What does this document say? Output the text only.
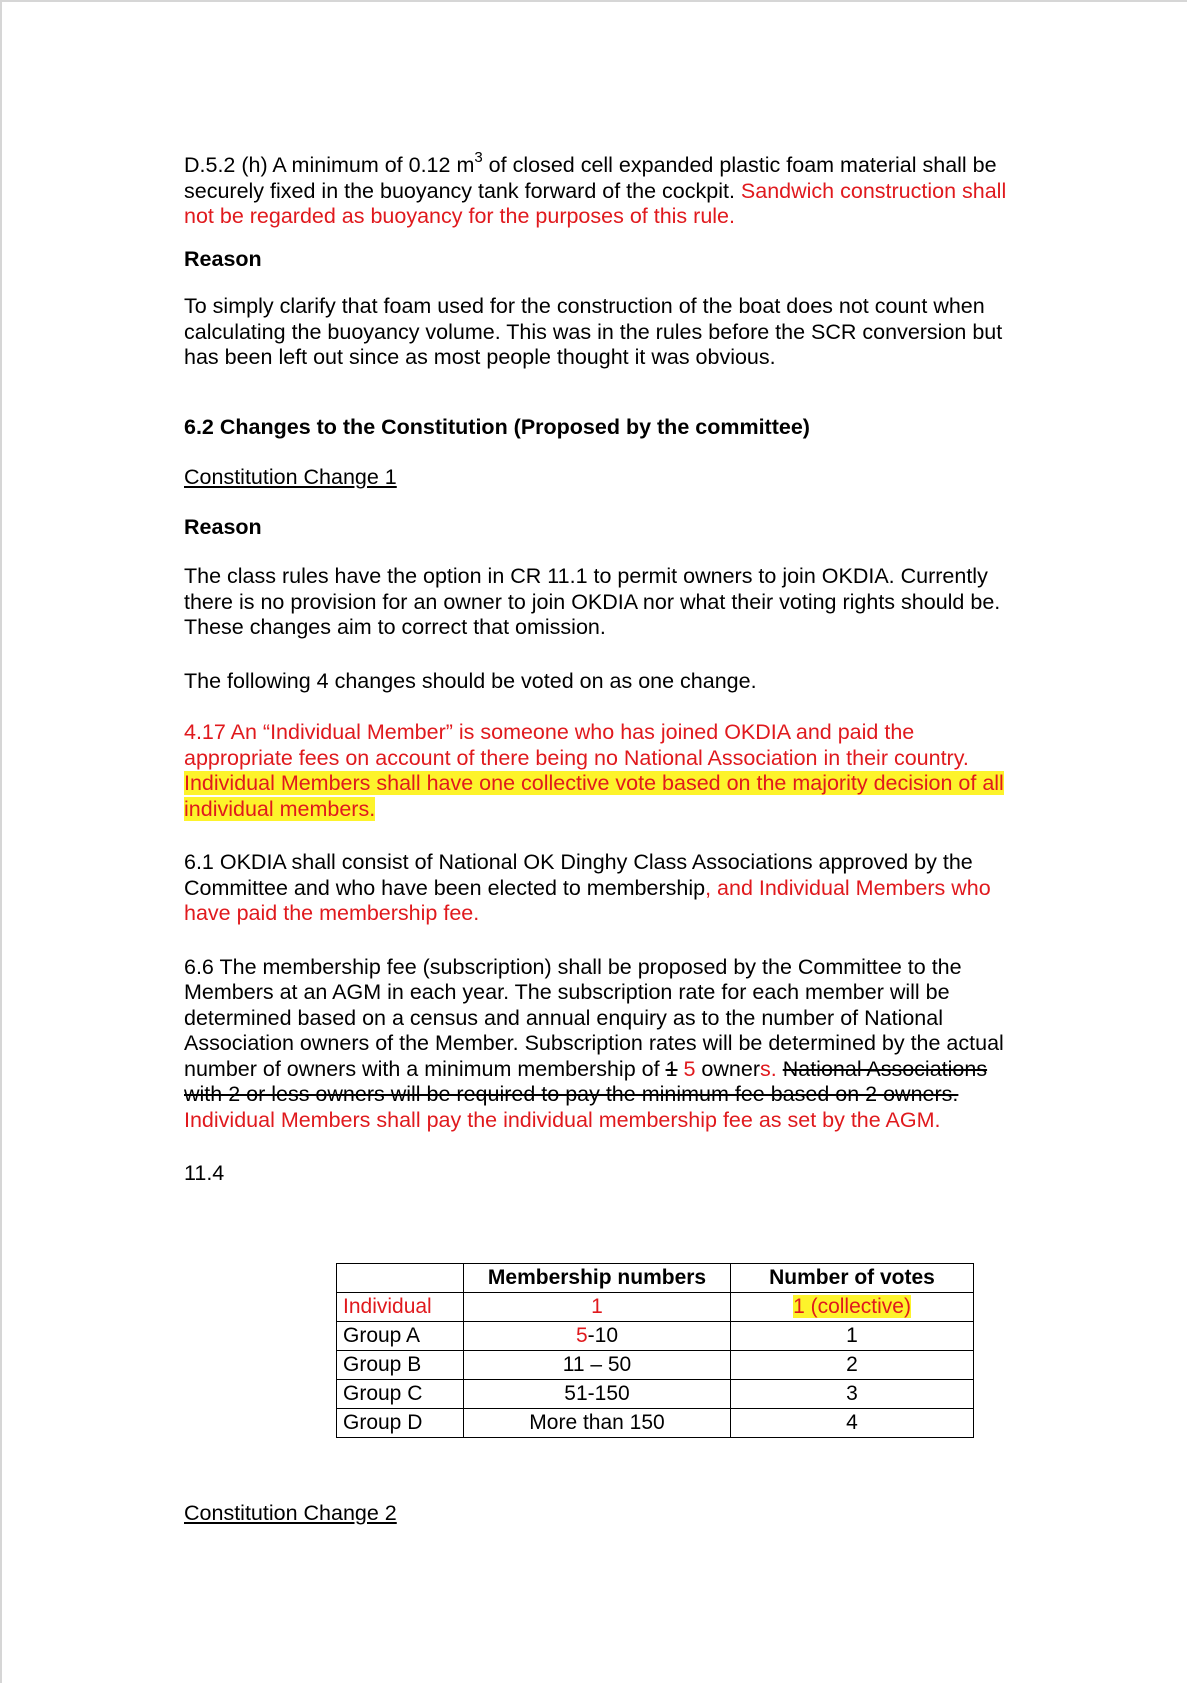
D.5.2 (h) A minimum of 0.12 $m^3$ of closed cell expanded plastic foam material shall be securely fixed in the buoyancy tank forward of the cockpit. Sandwich construction shall not be regarded as buoyancy for the purposes of this rule.

Reason

To simply clarify that foam used for the construction of the boat does not count when calculating the buoyancy volume. This was in the rules before the SCR conversion but has been left out since as most people thought it was obvious.

6.2 Changes to the Constitution (Proposed by the committee)

Constitution Change 1

Reason

The class rules have the option in CR 11.1 to permit owners to join OKDIA. Currently there is no provision for an owner to join OKDIA nor what their voting rights should be. These changes aim to correct that omission.

The following 4 changes should be voted on as one change.

4.17 An “Individual Member” is someone who has joined OKDIA and paid the appropriate fees on account of there being no National Association in their country. Individual Members shall have one collective vote based on the majority decision of all individual members.

6.1 OKDIA shall consist of National OK Dinghy Class Associations approved by the Committee and who have been elected to membership, and Individual Members who have paid the membership fee.

6.6 The membership fee (subscription) shall be proposed by the Committee to the Members at an AGM in each year. The subscription rate for each member will be determined based on a census and annual enquiry as to the number of National Association owners of the Member. Subscription rates will be determined by the actual number of owners with a minimum membership of 1 5 owners. National Associations with 2 or less owners will be required to pay the minimum fee based on 2 owners. Individual Members shall pay the individual membership fee as set by the AGM.

11.4

	Membership numbers	Number of votes
Individual	1	1 (collective)
Group A	5-10	1
Group B	11 – 50	2
Group C	51-150	3
Group D	More than 150	4

Constitution Change 2
